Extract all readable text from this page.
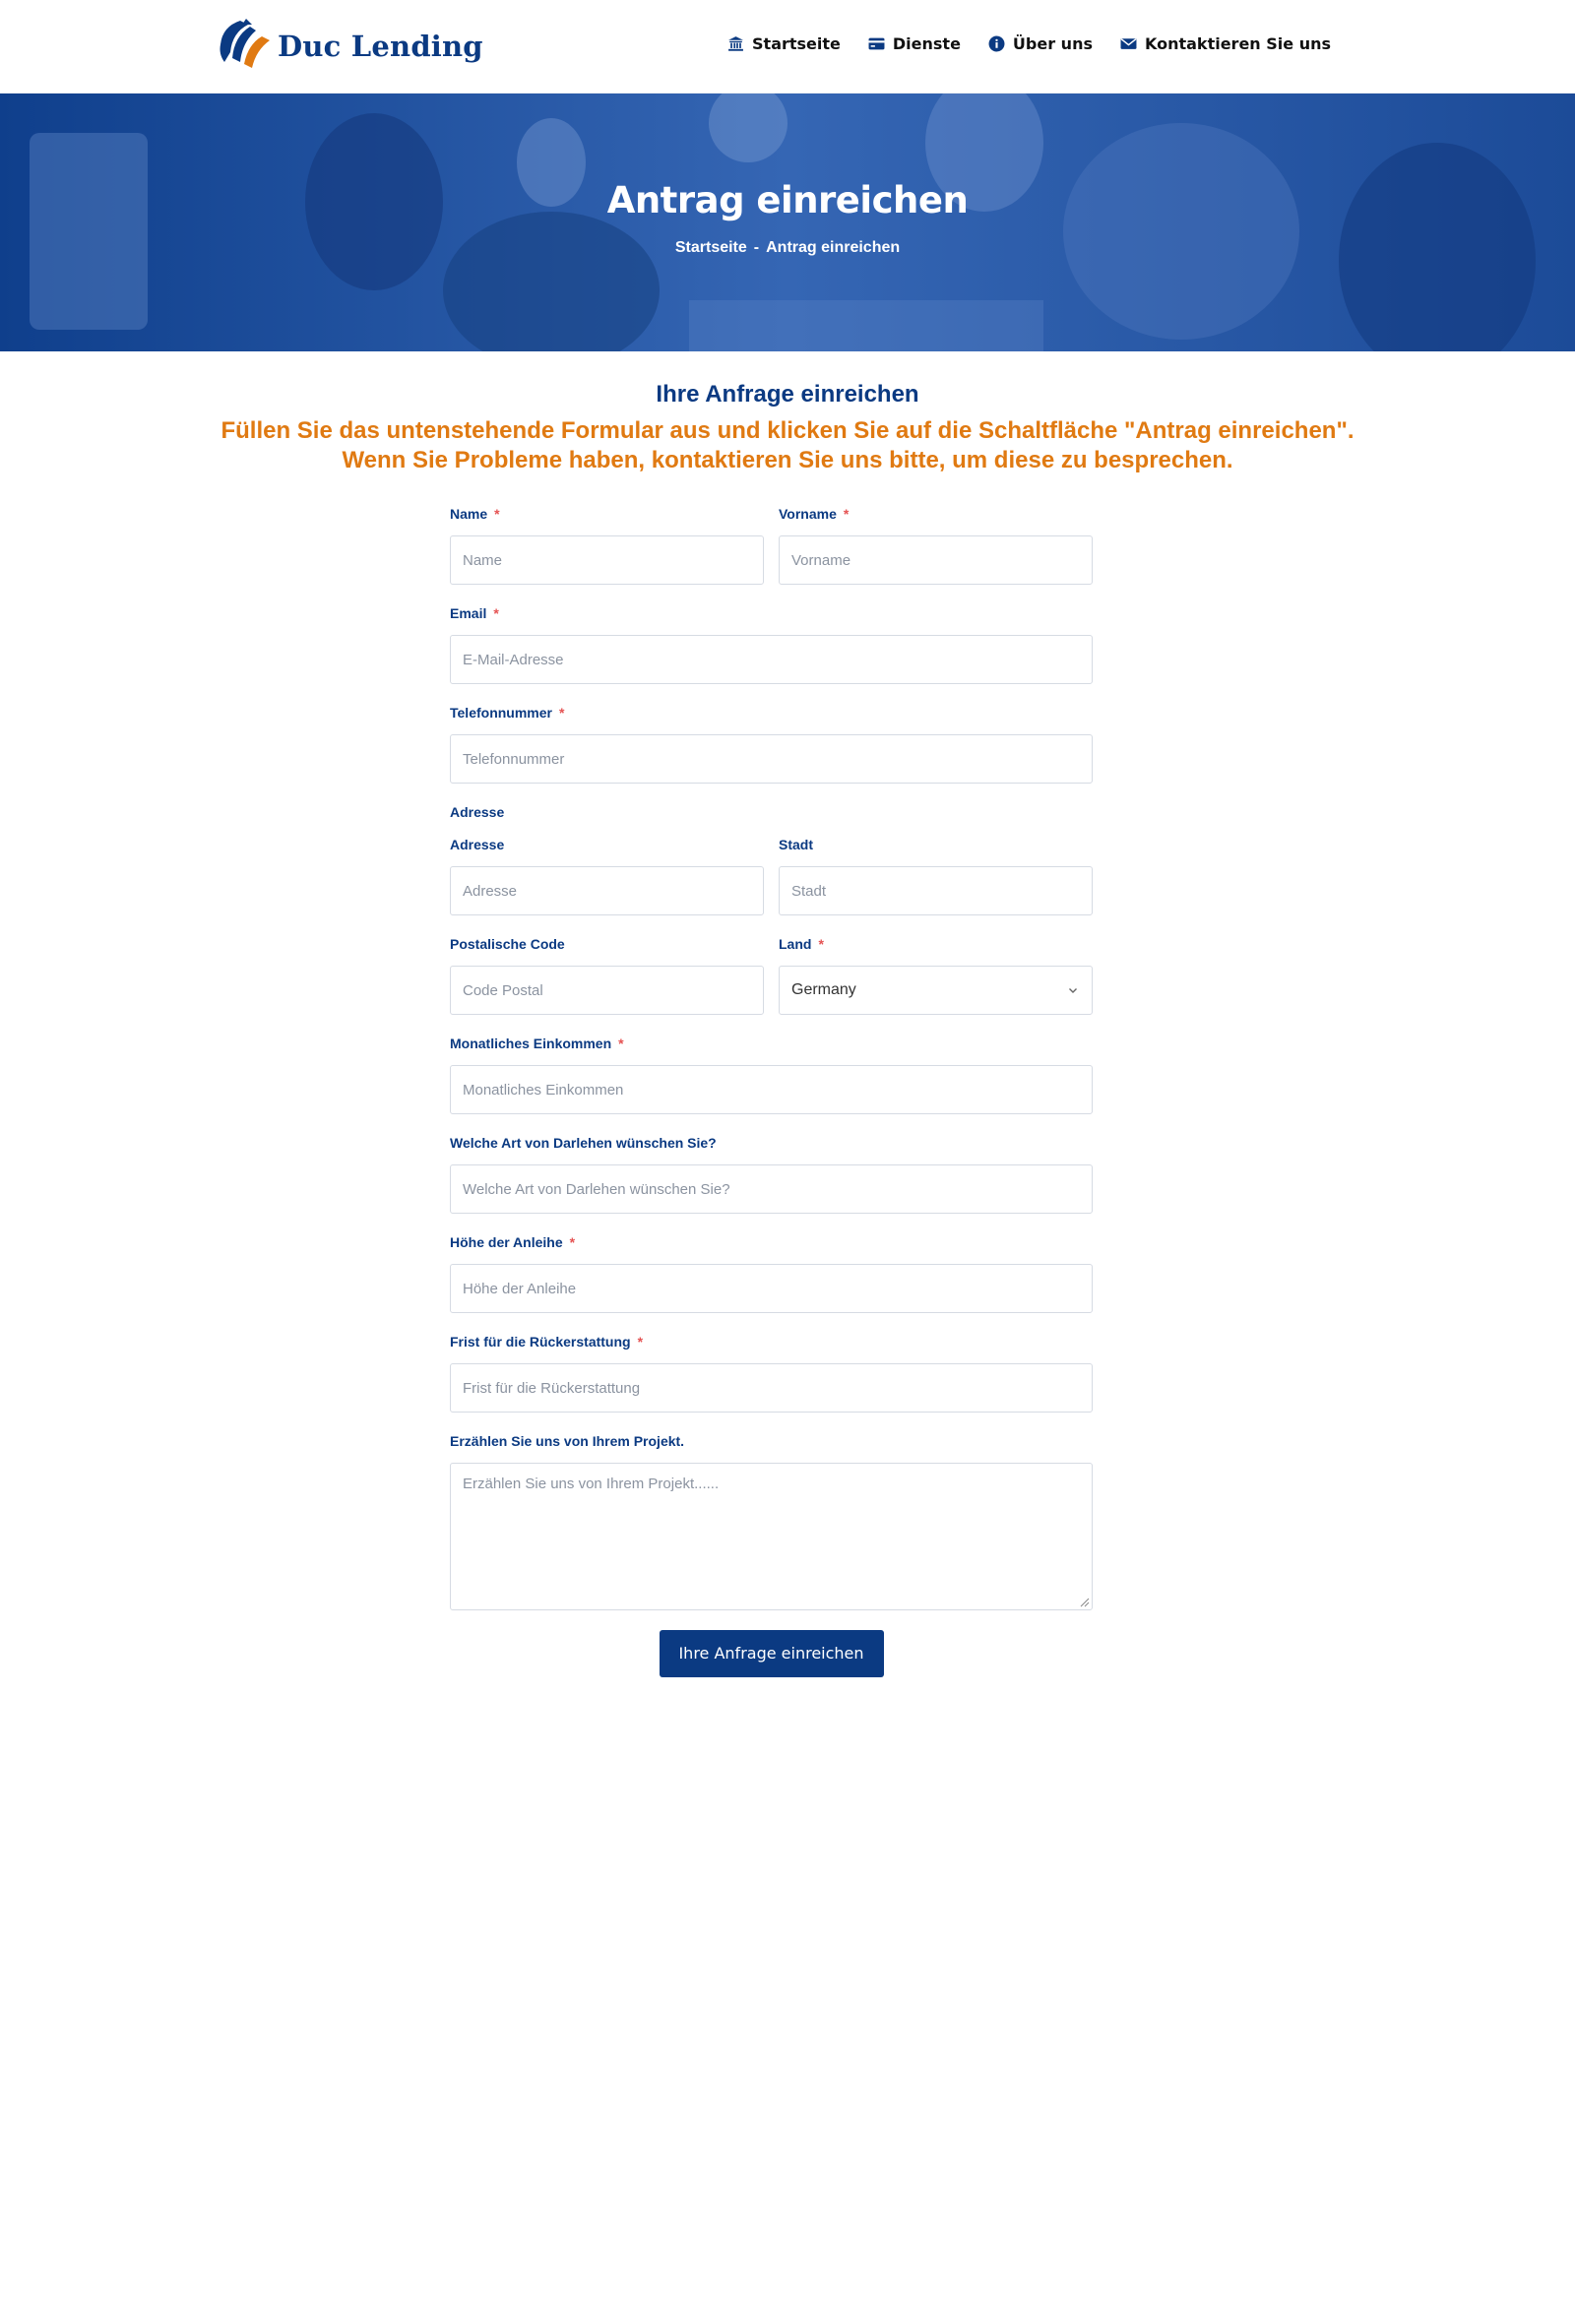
Duc Lending	Startseite	Dienste	Über uns	Kontaktieren Sie uns
Antrag einreichen
Startseite - Antrag einreichen
Ihre Anfrage einreichen

Füllen Sie das untenstehende Formular aus und klicken Sie auf die Schaltfläche "Antrag einreichen". Wenn Sie Probleme haben, kontaktieren Sie uns bitte, um diese zu besprechen.

Name *
Name
Vorname *
Vorname
Email *
E-Mail-Adresse
Telefonnummer *
Telefonnummer
Adresse
Adresse
Adresse
Stadt
Stadt
Postalische Code
Code Postal
Land *
Germany
Monatliches Einkommen *
Monatliches Einkommen
Welche Art von Darlehen wünschen Sie?
Welche Art von Darlehen wünschen Sie?
Höhe der Anleihe *
Höhe der Anleihe
Frist für die Rückerstattung *
Frist für die Rückerstattung
Erzählen Sie uns von Ihrem Projekt.
Erzählen Sie uns von Ihrem Projekt......
Ihre Anfrage einreichen
